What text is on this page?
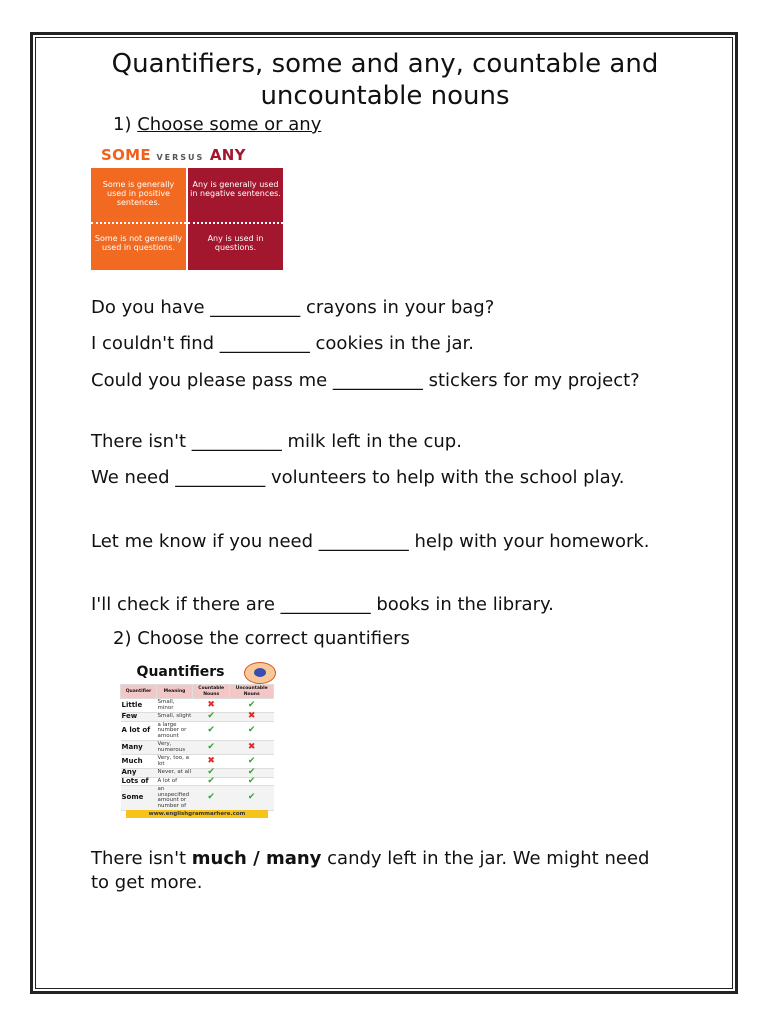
Quantifiers, some and any, countable and uncountable nouns
1) Choose some or any
SOME VERSUS ANY
Some is generally used in positive sentences.
Some is not generally used in questions.
Any is generally used in negative sentences.
Any is used in questions.
Do you have __________ crayons in your bag?
I couldn't find __________ cookies in the jar.
Could you please pass me __________ stickers for my project?
There isn't __________ milk left in the cup.
We need __________ volunteers to help with the school play.
Let me know if you need __________ help with your homework.
I'll check if there are __________ books in the library.
2) Choose the correct quantifiers
Quantifiers
Quantifier	Meaning	Countable Nouns	Uncountable Nouns
Little	Small, minor	✖	✔
Few	Small, slight	✔	✖
A lot of	a large number or amount	✔	✔
Many	Very, numerous	✔	✖
Much	Very, too, a lot	✖	✔
Any	Never, at all	✔	✔
Lots of	A lot of	✔	✔
Some	an unspecified amount or number of	✔	✔
www.englishgrammarhere.com
There isn't much / many candy left in the jar. We might need to get more.
